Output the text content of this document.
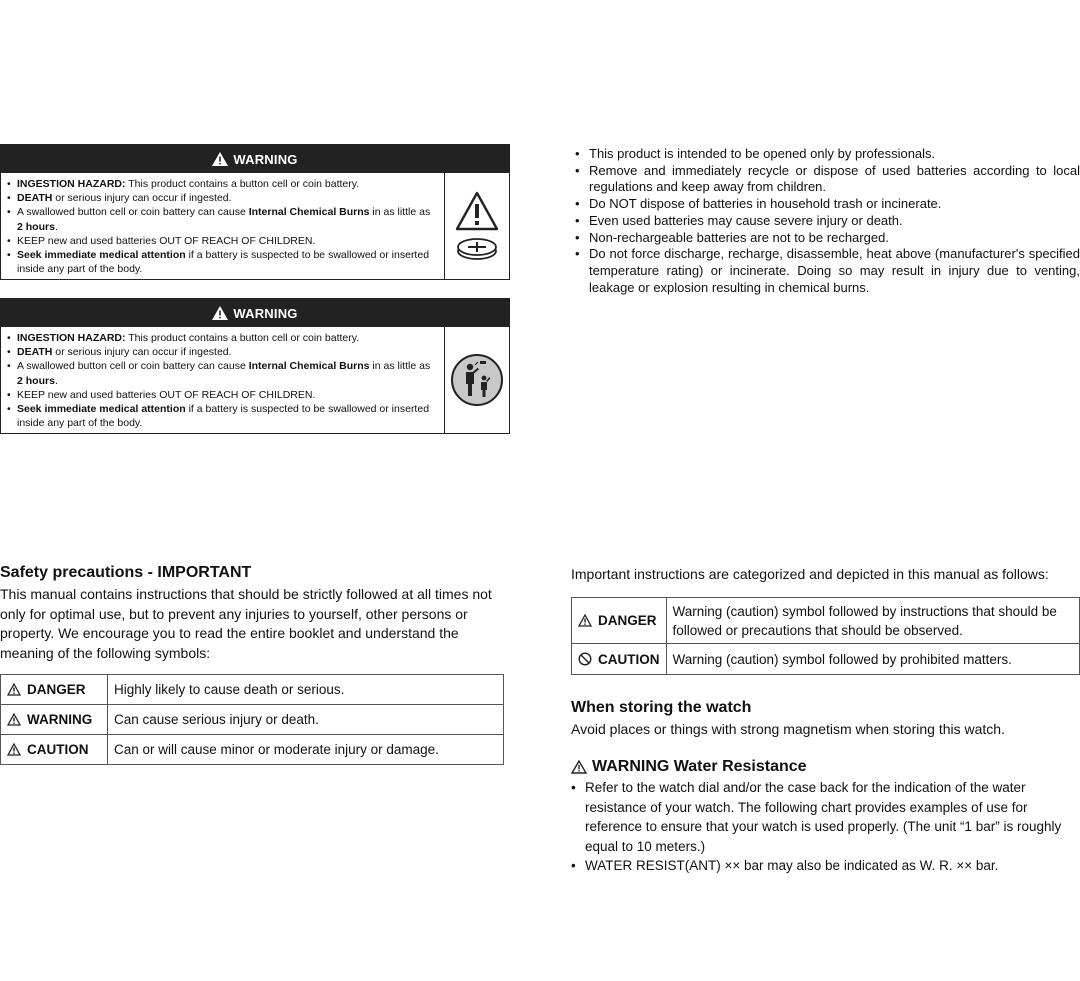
WARNING
• INGESTION HAZARD: This product contains a button cell or coin battery.
• DEATH or serious injury can occur if ingested.
• A swallowed button cell or coin battery can cause Internal Chemical Burns in as little as 2 hours.
• KEEP new and used batteries OUT OF REACH OF CHILDREN.
• Seek immediate medical attention if a battery is suspected to be swallowed or inserted inside any part of the body.
WARNING
• INGESTION HAZARD: This product contains a button cell or coin battery.
• DEATH or serious injury can occur if ingested.
• A swallowed button cell or coin battery can cause Internal Chemical Burns in as little as 2 hours.
• KEEP new and used batteries OUT OF REACH OF CHILDREN.
• Seek immediate medical attention if a battery is suspected to be swallowed or inserted inside any part of the body.
• This product is intended to be opened only by professionals.
• Remove and immediately recycle or dispose of used batteries according to local regulations and keep away from children.
• Do NOT dispose of batteries in household trash or incinerate.
• Even used batteries may cause severe injury or death.
• Non-rechargeable batteries are not to be recharged.
• Do not force discharge, recharge, disassemble, heat above (manufacturer's specified temperature rating) or incinerate. Doing so may result in injury due to venting, leakage or explosion resulting in chemical burns.
Safety precautions - IMPORTANT
This manual contains instructions that should be strictly followed at all times not only for optimal use, but to prevent any injuries to yourself, other persons or property. We encourage you to read the entire booklet and understand the meaning of the following symbols:
DANGER	Highly likely to cause death or serious.
WARNING	Can cause serious injury or death.
CAUTION	Can or will cause minor or moderate injury or damage.
Important instructions are categorized and depicted in this manual as follows:
DANGER	Warning (caution) symbol followed by instructions that should be followed or precautions that should be observed.
CAUTION	Warning (caution) symbol followed by prohibited matters.
When storing the watch
Avoid places or things with strong magnetism when storing this watch.
WARNING Water Resistance
• Refer to the watch dial and/or the case back for the indication of the water resistance of your watch. The following chart provides examples of use for reference to ensure that your watch is used properly. (The unit “1 bar” is roughly equal to 10 meters.)
• WATER RESIST(ANT) ×× bar may also be indicated as W. R. ×× bar.
